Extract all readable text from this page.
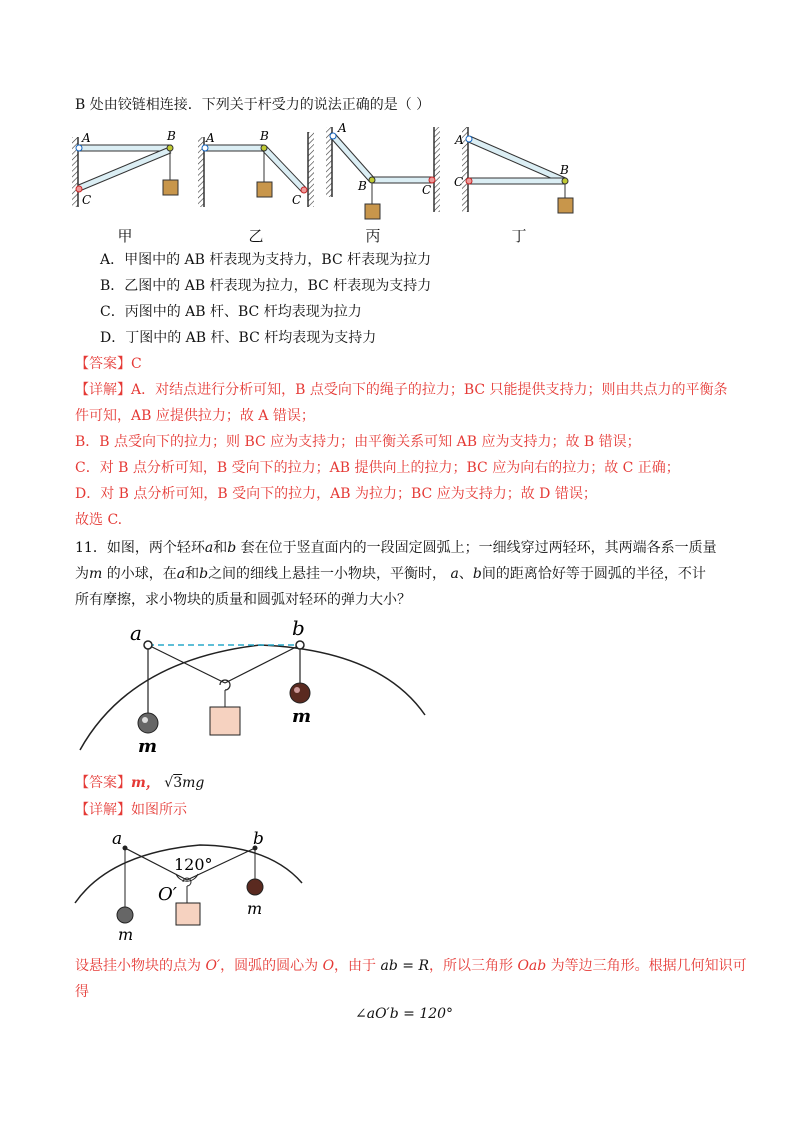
B 处由铰链相连接．下列关于杆受力的说法正确的是（ ）
A	B
C
A	B
C
A
B	C
A
B
C
甲	乙	丙	丁
A．甲图中的 AB 杆表现为支持力，BC 杆表现为拉力
B．乙图中的 AB 杆表现为拉力，BC 杆表现为支持力
C．丙图中的 AB 杆、BC 杆均表现为拉力
D．丁图中的 AB 杆、BC 杆均表现为支持力
【答案】C
【详解】A．对结点进行分析可知，B 点受向下的绳子的拉力；BC 只能提供支持力；则由共点力的平衡条
件可知，AB 应提供拉力；故 A 错误；
B．B 点受向下的拉力；则 BC 应为支持力；由平衡关系可知 AB 应为支持力；故 B 错误；
C．对 B 点分析可知，B 受向下的拉力；AB 提供向上的拉力；BC 应为向右的拉力；故 C 正确；
D．对 B 点分析可知，B 受向下的拉力，AB 为拉力；BC 应为支持力；故 D 错误；
故选 C.
11．如图，两个轻环a和b 套在位于竖直面内的一段固定圆弧上；一细线穿过两轻环，其两端各系一质量
为m 的小球，在a和b之间的细线上悬挂一小物块，平衡时， a、b间的距离恰好等于圆弧的半径，不计
所有摩擦，求小物块的质量和圆弧对轻环的弹力大小？
a	b
m
m
【答案】m， √3mg
【详解】如图所示
a	b
120°
O′
m
m
设悬挂小物块的点为 O′，圆弧的圆心为 O，由于 ab = R，所以三角形 Oab 为等边三角形。根据几何知识可
得
∠aO′b = 120°
